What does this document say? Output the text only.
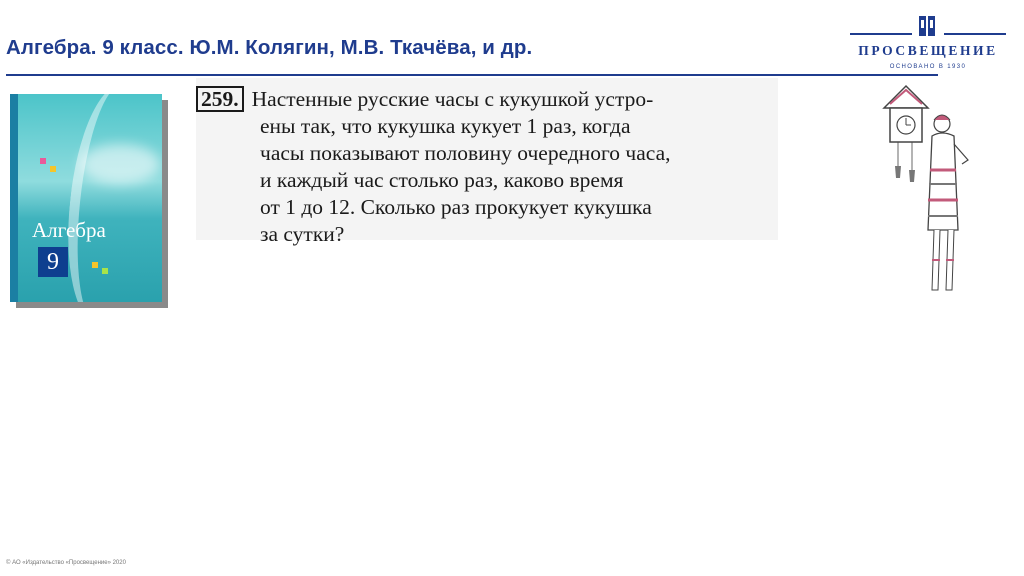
Алгебра. 9 класс. Ю.М. Колягин, М.В. Ткачёва, и др.	ПРОСВЕЩЕНИЕ
ОСНОВАНО В 1930
Алгебра
9
259. Настенные русские часы с кукушкой устро-
ены так, что кукушка кукует 1 раз, когда
часы показывают половину очередного часа,
и каждый час столько раз, каково время
от 1 до 12. Сколько раз прокукует кукушка
за сутки?
© АО «Издательство «Просвещение» 2020
